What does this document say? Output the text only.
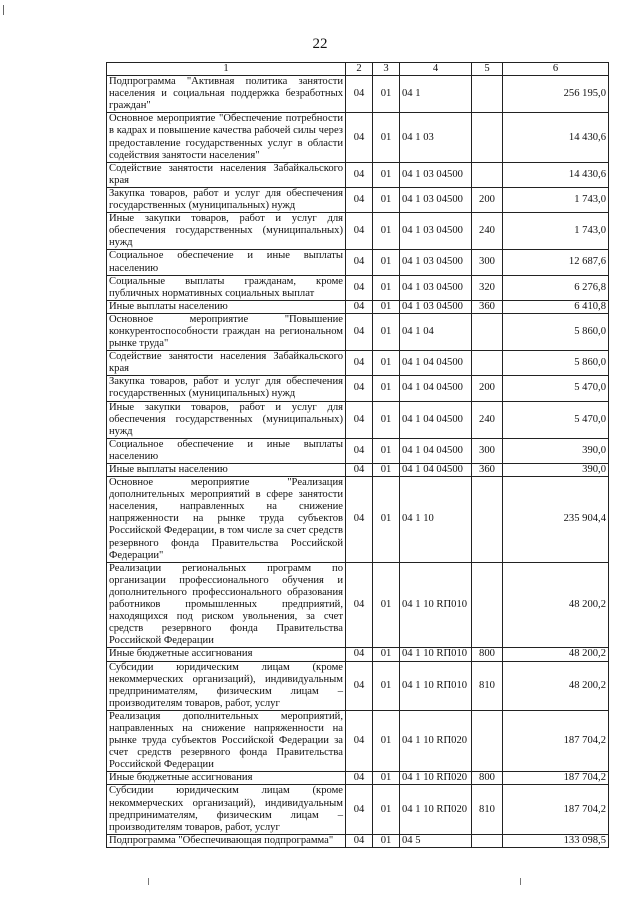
22
1	2	3	4	5	6
Подпрограмма "Активная политика занятости населения и социальная поддержка безработных граждан"	04	01	04 1		256 195,0
Основное мероприятие "Обеспечение потребности в кадрах и повышение качества рабочей силы через предоставление государственных услуг в области содействия занятости населения"	04	01	04 1 03		14 430,6
Содействие занятости населения Забайкальского края	04	01	04 1 03 04500		14 430,6
Закупка товаров, работ и услуг для обеспечения государственных (муниципальных) нужд	04	01	04 1 03 04500	200	1 743,0
Иные закупки товаров, работ и услуг для обеспечения государственных (муниципальных) нужд	04	01	04 1 03 04500	240	1 743,0
Социальное обеспечение и иные выплаты населению	04	01	04 1 03 04500	300	12 687,6
Социальные выплаты гражданам, кроме публичных нормативных социальных выплат	04	01	04 1 03 04500	320	6 276,8
Иные выплаты населению	04	01	04 1 03 04500	360	6 410,8
Основное мероприятие "Повышение конкурентоспособности граждан на региональном рынке труда"	04	01	04 1 04		5 860,0
Содействие занятости населения Забайкальского края	04	01	04 1 04 04500		5 860,0
Закупка товаров, работ и услуг для обеспечения государственных (муниципальных) нужд	04	01	04 1 04 04500	200	5 470,0
Иные закупки товаров, работ и услуг для обеспечения государственных (муниципальных) нужд	04	01	04 1 04 04500	240	5 470,0
Социальное обеспечение и иные выплаты населению	04	01	04 1 04 04500	300	390,0
Иные выплаты населению	04	01	04 1 04 04500	360	390,0
Основное мероприятие "Реализация дополнительных мероприятий в сфере занятости населения, направленных на снижение напряженности на рынке труда субъектов Российской Федерации, в том числе за счет средств резервного фонда Правительства Российской Федерации"	04	01	04 1 10		235 904,4
Реализации региональных программ по организации профессионального обучения и дополнительного профессионального образования работников промышленных предприятий, находящихся под риском увольнения, за счет средств резервного фонда Правительства Российской Федерации	04	01	04 1 10 RП010		48 200,2
Иные бюджетные ассигнования	04	01	04 1 10 RП010	800	48 200,2
Субсидии юридическим лицам (кроме некоммерческих организаций), индивидуальным предпринимателям, физическим лицам – производителям товаров, работ, услуг	04	01	04 1 10 RП010	810	48 200,2
Реализация дополнительных мероприятий, направленных на снижение напряженности на рынке труда субъектов Российской Федерации за счет средств резервного фонда Правительства Российской Федерации	04	01	04 1 10 RП020		187 704,2
Иные бюджетные ассигнования	04	01	04 1 10 RП020	800	187 704,2
Субсидии юридическим лицам (кроме некоммерческих организаций), индивидуальным предпринимателям, физическим лицам – производителям товаров, работ, услуг	04	01	04 1 10 RП020	810	187 704,2
Подпрограмма "Обеспечивающая подпрограмма"	04	01	04 5		133 098,5
